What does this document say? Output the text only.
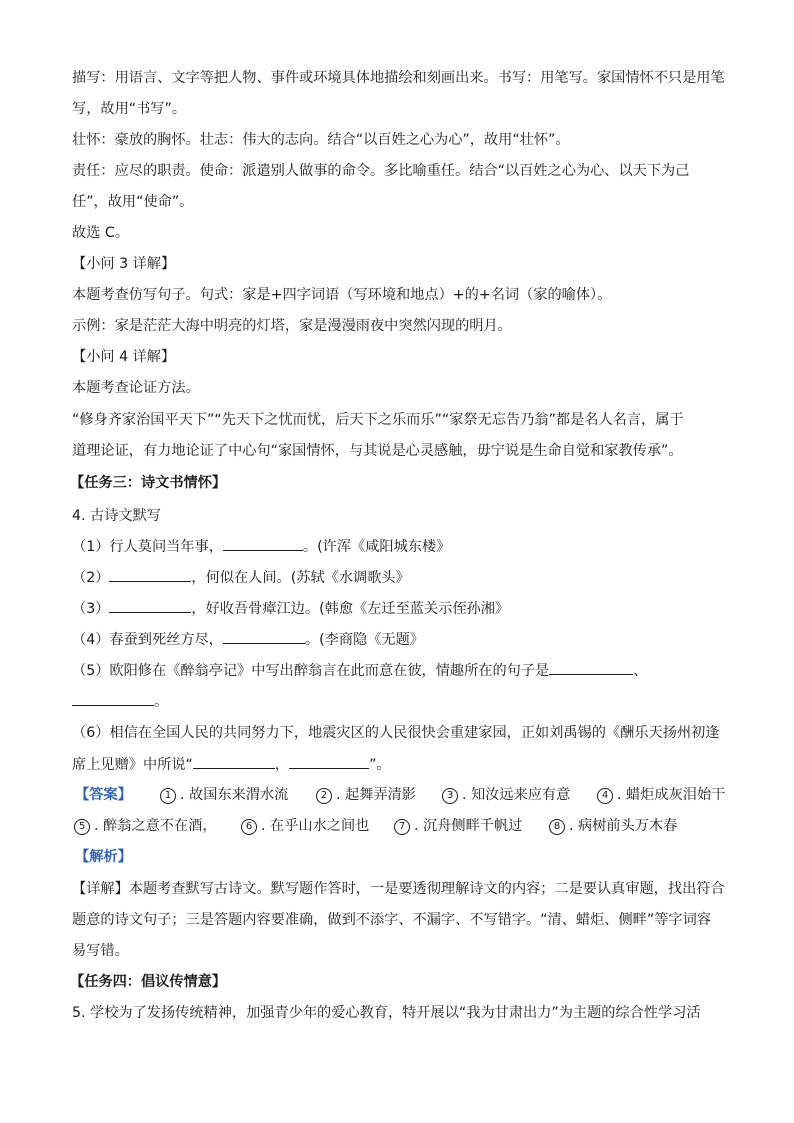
描写：用语言、文字等把人物、事件或环境具体地描绘和刻画出来。书写：用笔写。家国情怀不只是用笔
写，故用“书写”。
壮怀：豪放的胸怀。壮志：伟大的志向。结合“以百姓之心为心”，故用“壮怀”。
责任：应尽的职责。使命：派遣别人做事的命令。多比喻重任。结合“以百姓之心为心、以天下为己
任”，故用“使命”。
故选 C。
【小问 3 详解】
本题考查仿写句子。句式：家是+四字词语（写环境和地点）+的+名词（家的喻体）。
示例：家是茫茫大海中明亮的灯塔，家是漫漫雨夜中突然闪现的明月。
【小问 4 详解】
本题考查论证方法。
“修身齐家治国平天下”“先天下之忧而忧，后天下之乐而乐”“家祭无忘告乃翁”都是名人名言，属于
道理论证，有力地论证了中心句“家国情怀，与其说是心灵感触，毋宁说是生命自觉和家教传承”。
【任务三：诗文书情怀】
4. 古诗文默写
（1）行人莫问当年事，	。(许浑《咸阳城东楼》
（2）	，何似在人间。(苏轼《水调歌头》
（3）	，好收吾骨瘴江边。(韩愈《左迁至蓝关示侄孙湘》
（4）春蚕到死丝方尽，	。(李商隐《无题》
（5）欧阳修在《醉翁亭记》中写出醉翁言在此而意在彼，情趣所在的句子是	、
。
（6）相信在全国人民的共同努力下，地震灾区的人民很快会重建家园，正如刘禹锡的《酬乐天扬州初逢
席上见赠》中所说“	，	”。
【答案】	1 . 故国东来渭水流	2 . 起舞弄清影	3 . 知汝远来应有意	4 . 蜡炬成灰泪始干
5 . 醉翁之意不在酒，	6 . 在乎山水之间也	7 . 沉舟侧畔千帆过	8 . 病树前头万木春
【解析】
【详解】本题考查默写古诗文。默写题作答时，一是要透彻理解诗文的内容；二是要认真审题，找出符合
题意的诗文句子；三是答题内容要准确，做到不添字、不漏字、不写错字。“清、蜡炬、侧畔”等字词容
易写错。
【任务四：倡议传情意】
5. 学校为了发扬传统精神，加强青少年的爱心教育，特开展以“我为甘肃出力”为主题的综合性学习活
